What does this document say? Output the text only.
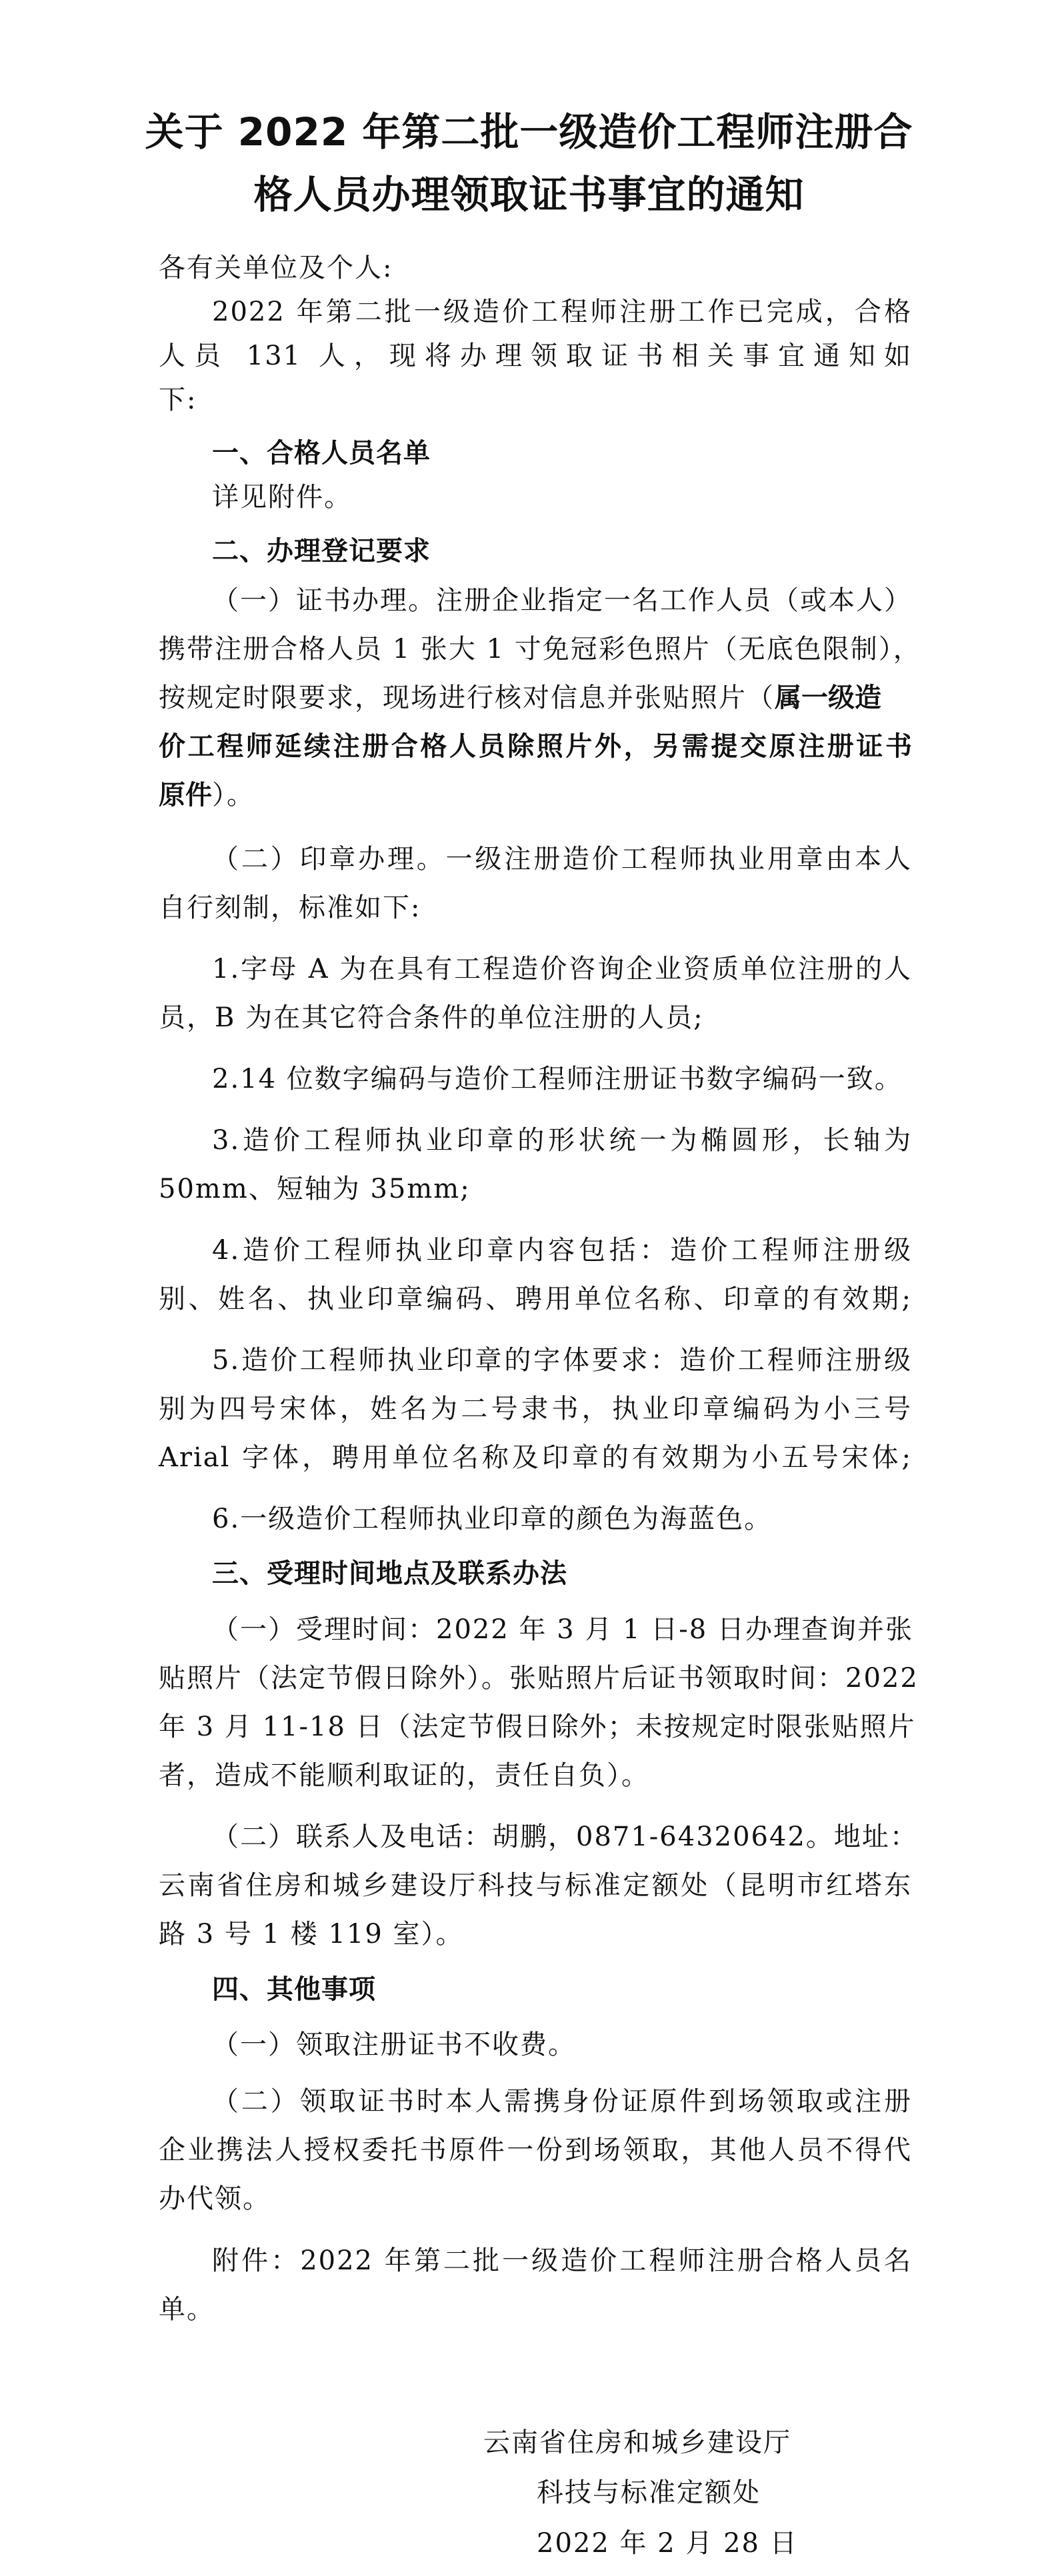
关于 2022 年第二批一级造价工程师注册合
格人员办理领取证书事宜的通知
各有关单位及个人:
2022 年第二批一级造价工程师注册工作已完成，合格
人员 131 人，现将办理领取证书相关事宜通知如
下:
一、合格人员名单
详见附件。
二、办理登记要求
（一）证书办理。注册企业指定一名工作人员（或本人）
携带注册合格人员 1 张大 1 寸免冠彩色照片（无底色限制），
按规定时限要求，现场进行核对信息并张贴照片（属一级造
价工程师延续注册合格人员除照片外，另需提交原注册证书
原件）。
（二）印章办理。一级注册造价工程师执业用章由本人
自行刻制，标准如下:
1.字母 A 为在具有工程造价咨询企业资质单位注册的人
员，B 为在其它符合条件的单位注册的人员;
2.14 位数字编码与造价工程师注册证书数字编码一致。
3.造价工程师执业印章的形状统一为椭圆形，长轴为
50mm、短轴为 35mm;
4.造价工程师执业印章内容包括：造价工程师注册级
别、姓名、执业印章编码、聘用单位名称、印章的有效期;
5.造价工程师执业印章的字体要求：造价工程师注册级
别为四号宋体，姓名为二号隶书，执业印章编码为小三号
Arial 字体，聘用单位名称及印章的有效期为小五号宋体;
6.一级造价工程师执业印章的颜色为海蓝色。
三、受理时间地点及联系办法
（一）受理时间：2022 年 3 月 1 日-8 日办理查询并张
贴照片（法定节假日除外）。张贴照片后证书领取时间：2022
年 3 月 11-18 日（法定节假日除外；未按规定时限张贴照片
者，造成不能顺利取证的，责任自负）。
（二）联系人及电话：胡鹏，0871-64320642。地址：
云南省住房和城乡建设厅科技与标准定额处（昆明市红塔东
路 3 号 1 楼 119 室）。
四、其他事项
（一）领取注册证书不收费。
（二）领取证书时本人需携身份证原件到场领取或注册
企业携法人授权委托书原件一份到场领取，其他人员不得代
办代领。
附件：2022 年第二批一级造价工程师注册合格人员名
单。
云南省住房和城乡建设厅
科技与标准定额处
2022 年 2 月 28 日
